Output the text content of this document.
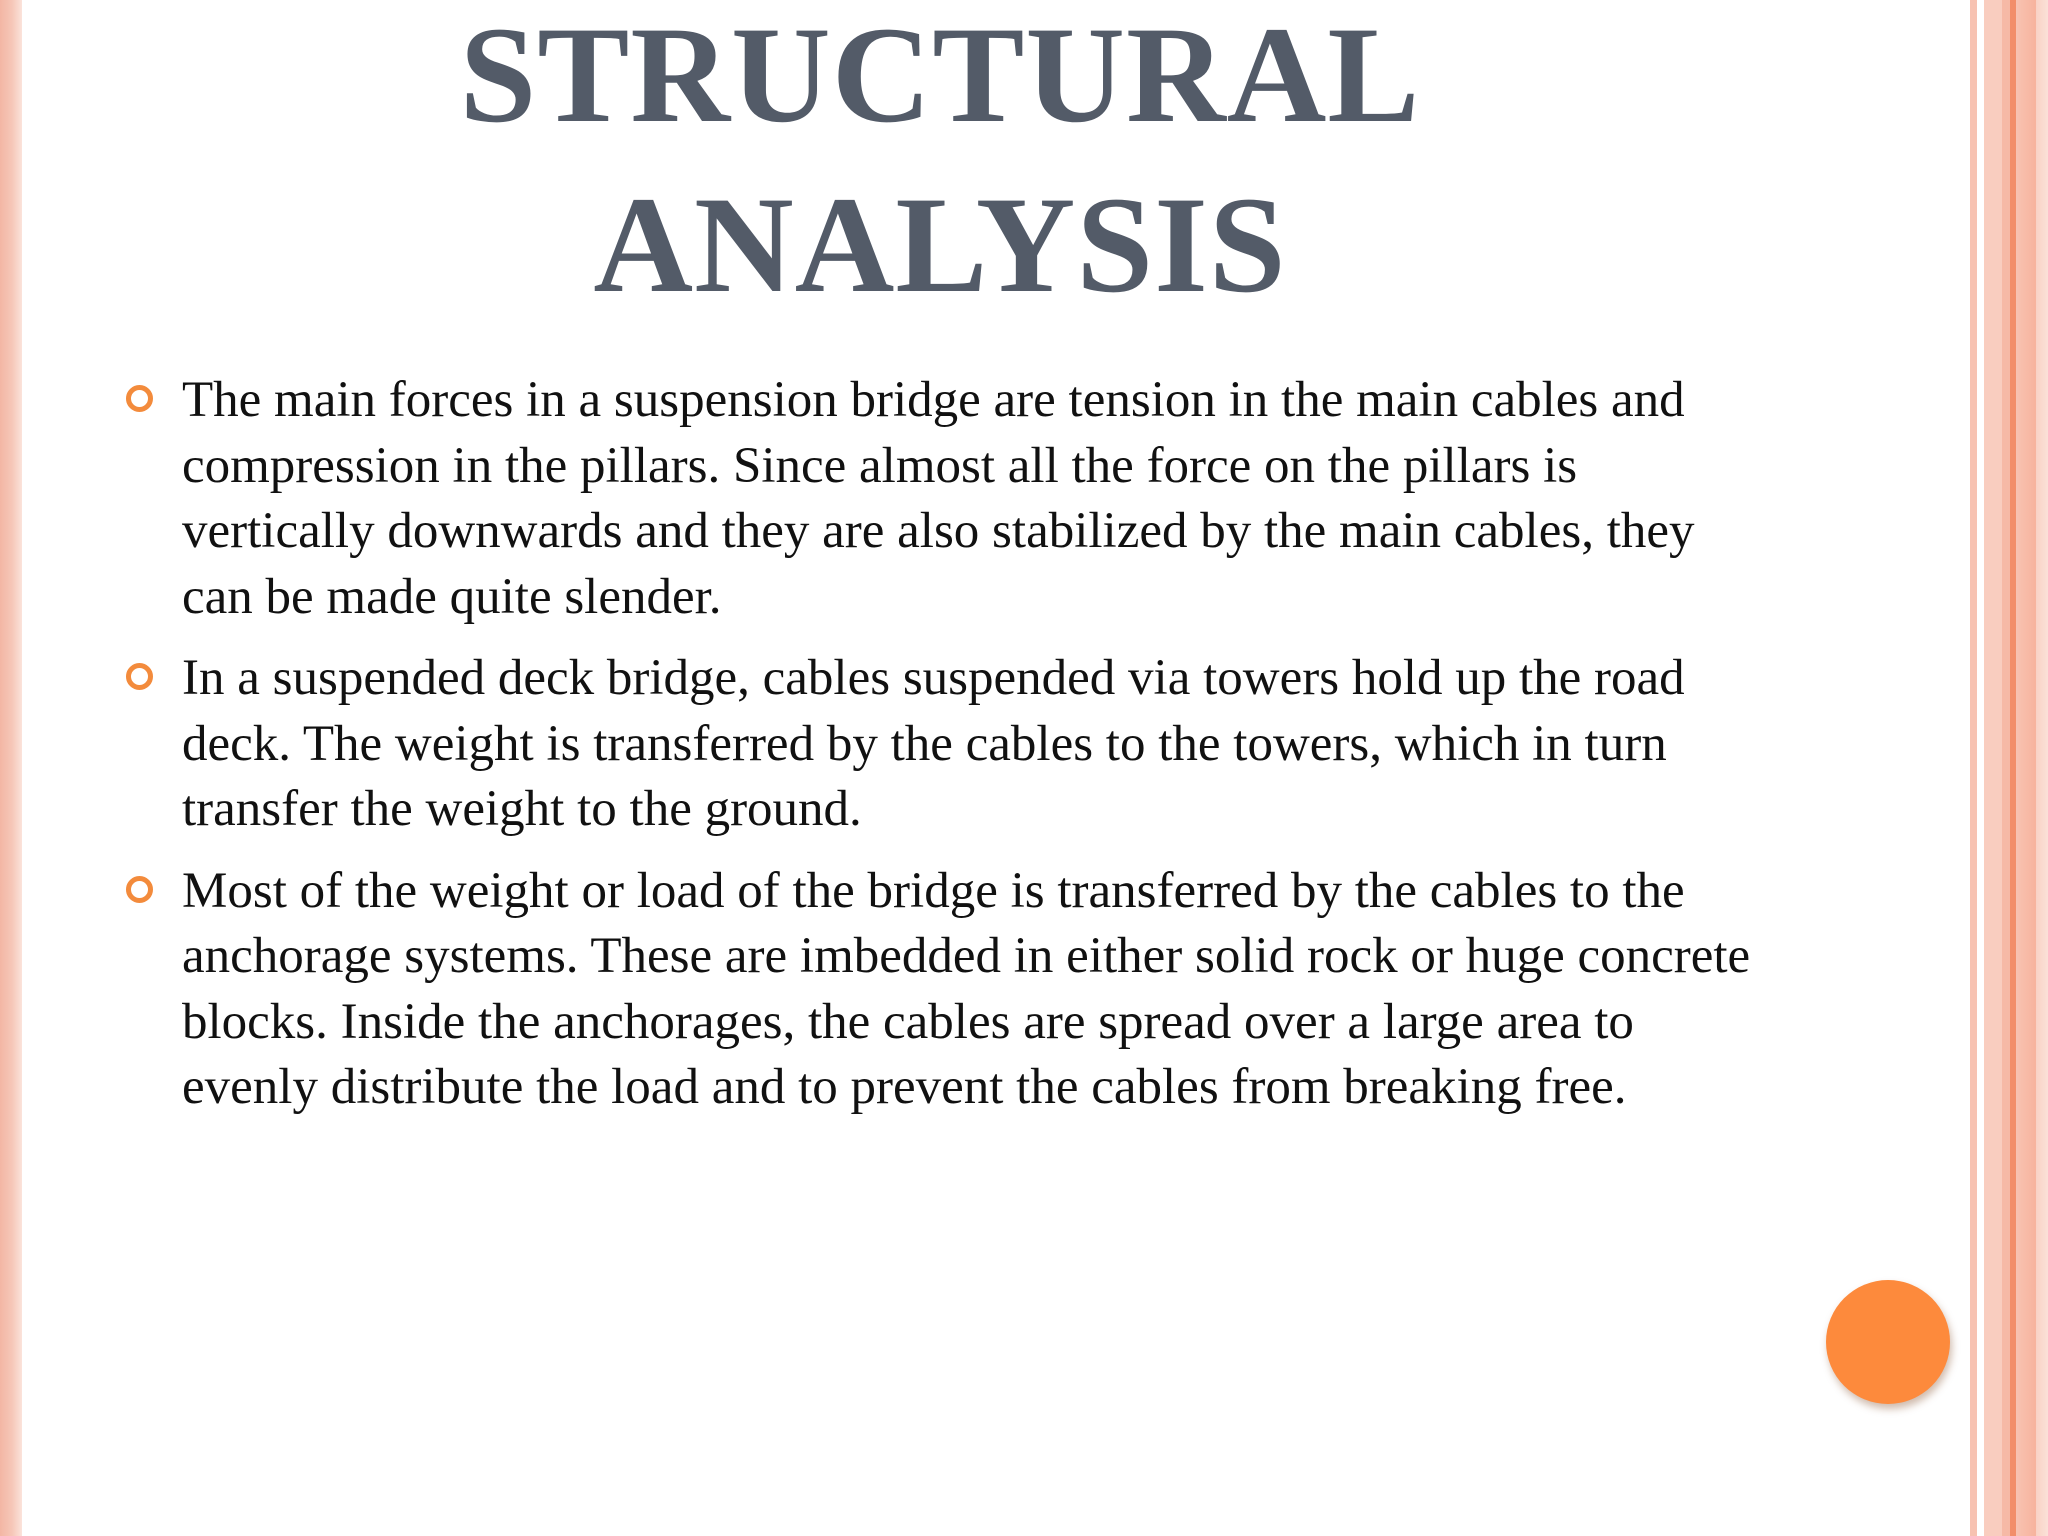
STRUCTURAL
ANALYSIS
The main forces in a suspension bridge are tension in the main cables and compression in the pillars. Since almost all the force on the pillars is vertically downwards and they are also stabilized by the main cables, they can be made quite slender.
In a suspended deck bridge, cables suspended via towers hold up the road deck. The weight is transferred by the cables to the towers, which in turn transfer the weight to the ground.
Most of the weight or load of the bridge is transferred by the cables to the anchorage systems. These are imbedded in either solid rock or huge concrete blocks. Inside the anchorages, the cables are spread over a large area to evenly distribute the load and to prevent the cables from breaking free.
